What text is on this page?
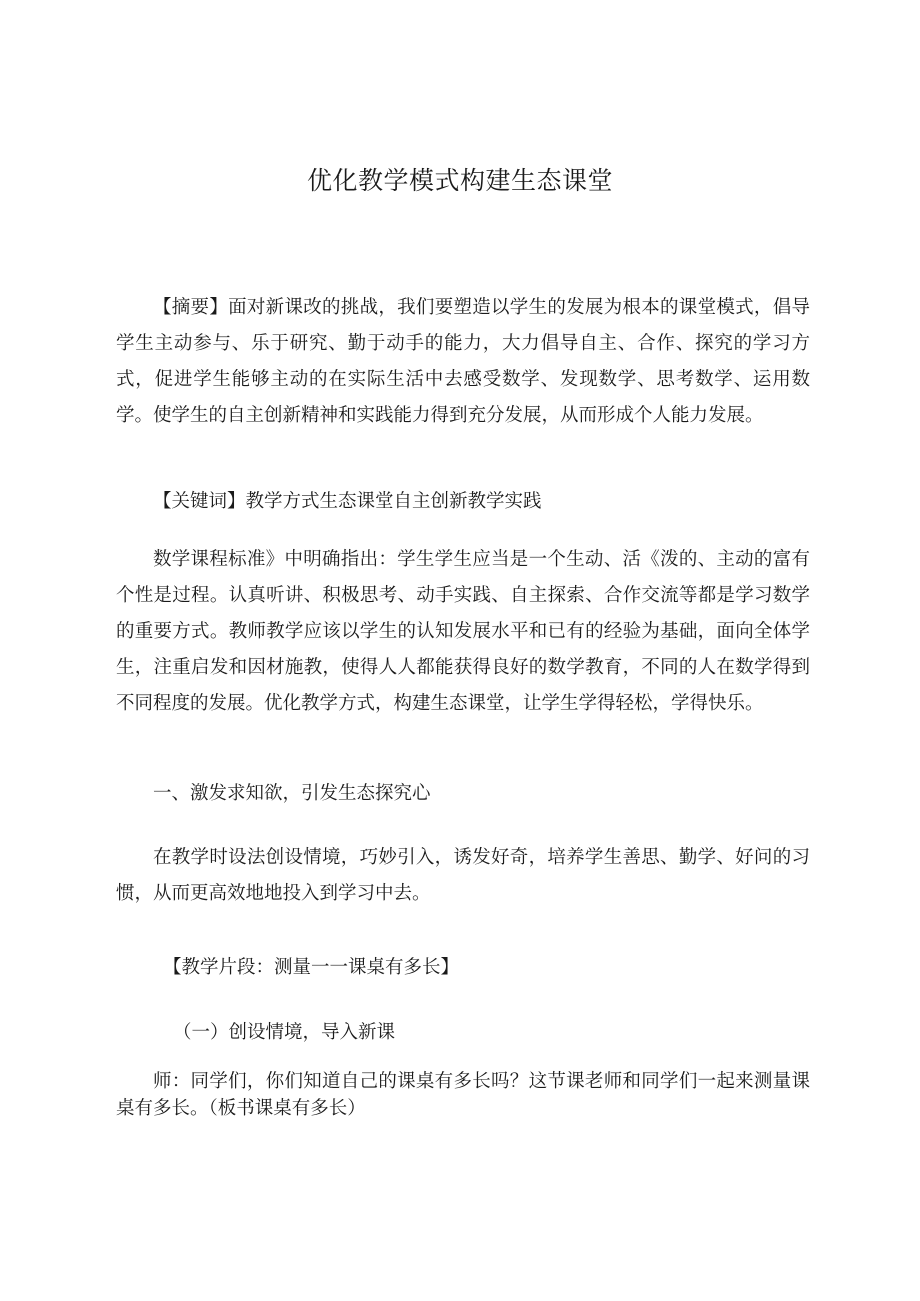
优化教学模式构建生态课堂

【摘要】面对新课改的挑战，我们要塑造以学生的发展为根本的课堂模式，倡导学生主动参与、乐于研究、勤于动手的能力，大力倡导自主、合作、探究的学习方式，促进学生能够主动的在实际生活中去感受数学、发现数学、思考数学、运用数学。使学生的自主创新精神和实践能力得到充分发展，从而形成个人能力发展。

【关键词】教学方式生态课堂自主创新教学实践

数学课程标准》中明确指出：学生学生应当是一个生动、活《泼的、主动的富有个性是过程。认真听讲、积极思考、动手实践、自主探索、合作交流等都是学习数学的重要方式。教师教学应该以学生的认知发展水平和已有的经验为基础，面向全体学生，注重启发和因材施教，使得人人都能获得良好的数学教育，不同的人在数学得到不同程度的发展。优化教学方式，构建生态课堂，让学生学得轻松，学得快乐。

一、激发求知欲，引发生态探究心

在教学时设法创设情境，巧妙引入，诱发好奇，培养学生善思、勤学、好问的习惯，从而更高效地地投入到学习中去。

【教学片段：测量一一课桌有多长】

（一）创设情境，导入新课

师：同学们，你们知道自己的课桌有多长吗？这节课老师和同学们一起来测量课桌有多长。（板书课桌有多长）
